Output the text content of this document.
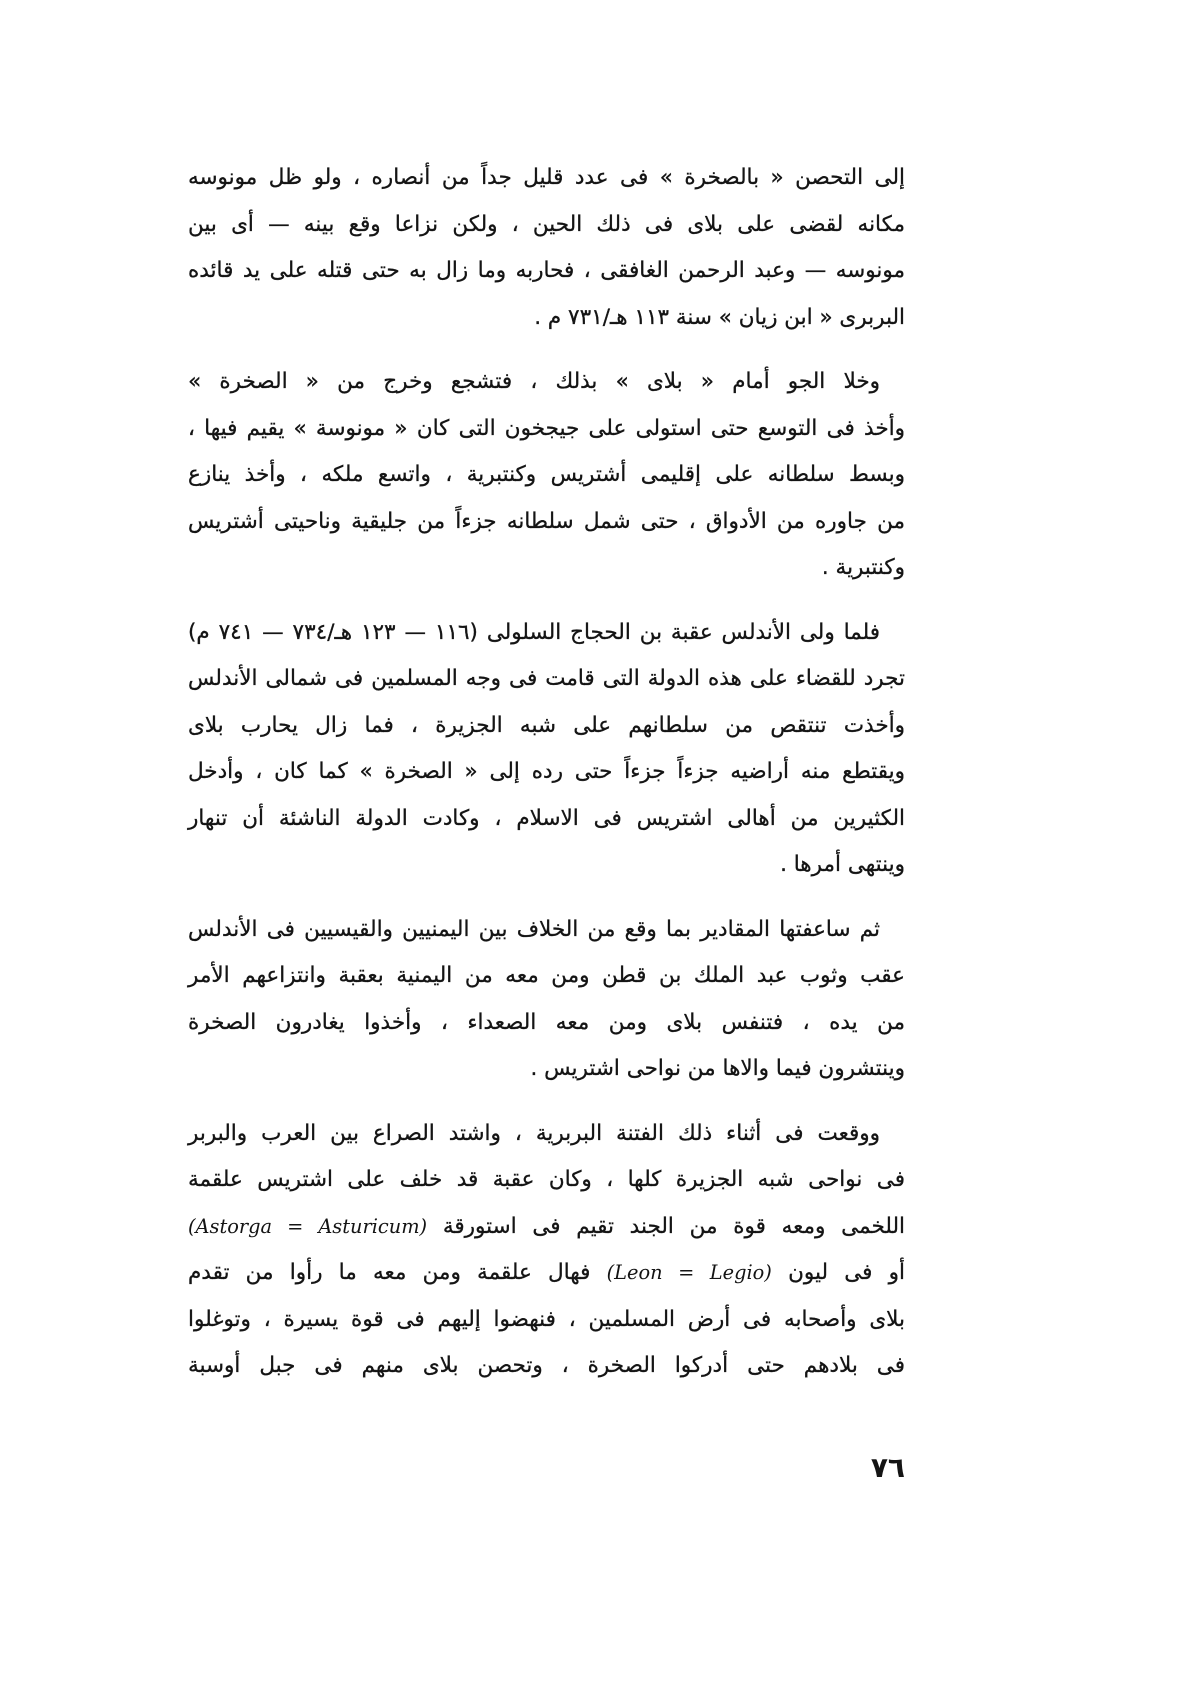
إلى التحصن « بالصخرة » فى عدد قليل جداً من أنصاره ، ولو ظل مونوسه
مكانه لقضى على بلاى فى ذلك الحين ، ولكن نزاعا وقع بينه — أى بين
مونوسه — وعبد الرحمن الغافقى ، فحاربه وما زال به حتى قتله على يد قائده
البربرى « ابن زيان » سنة ١١٣ هـ/٧٣١ م .

وخلا الجو أمام « بلاى » بذلك ، فتشجع وخرج من « الصخرة »
وأخذ فى التوسع حتى استولى على جيجخون التى كان « مونوسة » يقيم فيها ،
وبسط سلطانه على إقليمى أشتريس وكنتبرية ، واتسع ملكه ، وأخذ ينازع
من جاوره من الأدواق ، حتى شمل سلطانه جزءاً من جليقية وناحيتى أشتريس
وكنتبرية .

فلما ولى الأندلس عقبة بن الحجاج السلولى (١١٦ — ١٢٣ هـ/٧٣٤ — ٧٤١ م)
تجرد للقضاء على هذه الدولة التى قامت فى وجه المسلمين فى شمالى الأندلس
وأخذت تنتقص من سلطانهم على شبه الجزيرة ، فما زال يحارب بلاى
ويقتطع منه أراضيه جزءاً جزءاً حتى رده إلى « الصخرة » كما كان ، وأدخل
الكثيرين من أهالى اشتريس فى الاسلام ، وكادت الدولة الناشئة أن تنهار
وينتهى أمرها .

ثم ساعفتها المقادير بما وقع من الخلاف بين اليمنيين والقيسيين فى الأندلس
عقب وثوب عبد الملك بن قطن ومن معه من اليمنية بعقبة وانتزاعهم الأمر
من يده ، فتنفس بلاى ومن معه الصعداء ، وأخذوا يغادرون الصخرة
وينتشرون فيما والاها من نواحى اشتريس .

ووقعت فى أثناء ذلك الفتنة البربرية ، واشتد الصراع بين العرب والبربر
فى نواحى شبه الجزيرة كلها ، وكان عقبة قد خلف على اشتريس علقمة
اللخمى ومعه قوة من الجند تقيم فى استورقة (Astorga = Asturicum)
أو فى ليون (Leon = Legio) فهال علقمة ومن معه ما رأوا من تقدم
بلاى وأصحابه فى أرض المسلمين ، فنهضوا إليهم فى قوة يسيرة ، وتوغلوا
فى بلادهم حتى أدركوا الصخرة ، وتحصن بلاى منهم فى جبل أوسبة

٧٦
